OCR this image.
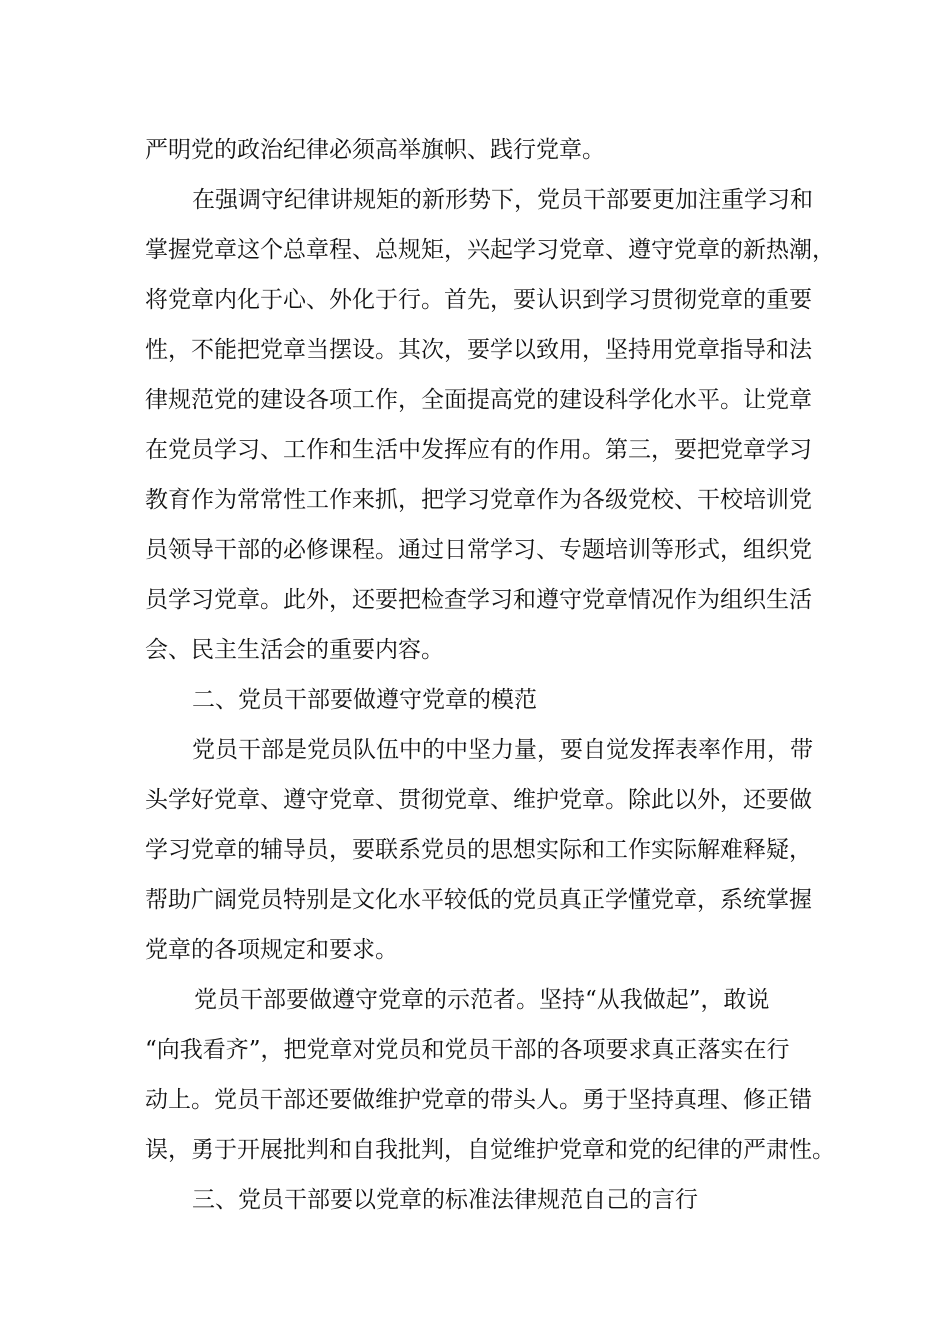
严明党的政治纪律必须高举旗帜、践行党章。
在强调守纪律讲规矩的新形势下，党员干部要更加注重学习和
掌握党章这个总章程、总规矩，兴起学习党章、遵守党章的新热潮，
将党章内化于心、外化于行。首先，要认识到学习贯彻党章的重要
性，不能把党章当摆设。其次，要学以致用，坚持用党章指导和法
律规范党的建设各项工作，全面提高党的建设科学化水平。让党章
在党员学习、工作和生活中发挥应有的作用。第三，要把党章学习
教育作为常常性工作来抓，把学习党章作为各级党校、干校培训党
员领导干部的必修课程。通过日常学习、专题培训等形式，组织党
员学习党章。此外，还要把检查学习和遵守党章情况作为组织生活
会、民主生活会的重要内容。
二、党员干部要做遵守党章的模范
党员干部是党员队伍中的中坚力量，要自觉发挥表率作用，带
头学好党章、遵守党章、贯彻党章、维护党章。除此以外，还要做
学习党章的辅导员，要联系党员的思想实际和工作实际解难释疑，
帮助广阔党员特别是文化水平较低的党员真正学懂党章，系统掌握
党章的各项规定和要求。
党员干部要做遵守党章的示范者。坚持“从我做起”，敢说
“向我看齐”，把党章对党员和党员干部的各项要求真正落实在行
动上。党员干部还要做维护党章的带头人。勇于坚持真理、修正错
误，勇于开展批判和自我批判，自觉维护党章和党的纪律的严肃性。
三、党员干部要以党章的标准法律规范自己的言行
